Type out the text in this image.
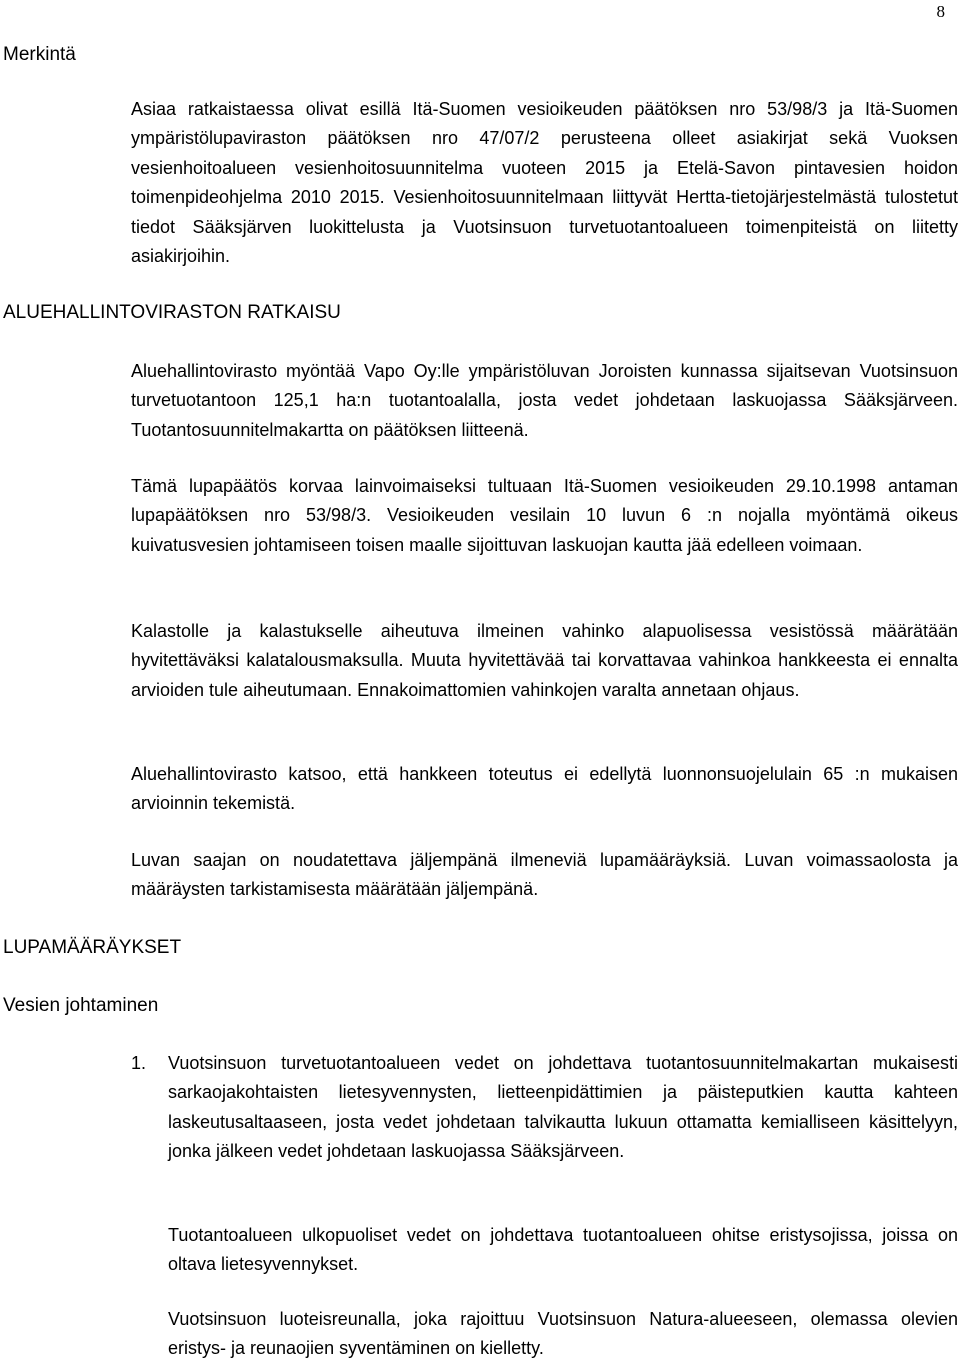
8
Merkintä

Asiaa ratkaistaessa olivat esillä Itä-Suomen vesioikeuden päätöksen nro 53/98/3 ja Itä-Suomen ympäristölupaviraston päätöksen nro 47/07/2 perusteena olleet asiakirjat sekä Vuoksen vesienhoitoalueen vesienhoitosuunnitelma vuoteen 2015 ja Etelä-Savon pintavesien hoidon toimenpideohjelma 2010 2015. Vesienhoitosuunnitelmaan liittyvät Hertta-tietojärjestelmästä tulostetut tiedot Sääksjärven luokittelusta ja Vuotsinsuon turvetuotantoalueen toimenpiteistä on liitetty asiakirjoihin.

ALUEHALLINTOVIRASTON RATKAISU

Aluehallintovirasto myöntää Vapo Oy:lle ympäristöluvan Joroisten kunnassa sijaitsevan Vuotsinsuon turvetuotantoon 125,1 ha:n tuotantoalalla, josta vedet johdetaan laskuojassa Sääksjärveen. Tuotantosuunnitelmakartta on päätöksen liitteenä.

Tämä lupapäätös korvaa lainvoimaiseksi tultuaan Itä-Suomen vesioikeuden 29.10.1998 antaman lupapäätöksen nro 53/98/3. Vesioikeuden vesilain 10 luvun 6 :n nojalla myöntämä oikeus kuivatusvesien johtamiseen toisen maalle sijoittuvan laskuojan kautta jää edelleen voimaan.

Kalastolle ja kalastukselle aiheutuva ilmeinen vahinko alapuolisessa vesistössä määrätään hyvitettäväksi kalatalousmaksulla. Muuta hyvitettävää tai korvattavaa vahinkoa hankkeesta ei ennalta arvioiden tule aiheutumaan. Ennakoimattomien vahinkojen varalta annetaan ohjaus.

Aluehallintovirasto katsoo, että hankkeen toteutus ei edellytä luonnonsuojelulain 65 :n mukaisen arvioinnin tekemistä.

Luvan saajan on noudatettava jäljempänä ilmeneviä lupamääräyksiä. Luvan voimassaolosta ja määräysten tarkistamisesta määrätään jäljempänä.

LUPAMÄÄRÄYKSET
Vesien johtaminen
1. Vuotsinsuon turvetuotantoalueen vedet on johdettava tuotantosuunnitelmakartan mukaisesti sarkaojakohtaisten lietesyvennysten, lietteenpidättimien ja päisteputkien kautta kahteen laskeutusaltaaseen, josta vedet johdetaan talvikautta lukuun ottamatta kemialliseen käsittelyyn, jonka jälkeen vedet johdetaan laskuojassa Sääksjärveen.

Tuotantoalueen ulkopuoliset vedet on johdettava tuotantoalueen ohitse eristysojissa, joissa on oltava lietesyvennykset.

Vuotsinsuon luoteisreunalla, joka rajoittuu Vuotsinsuon Natura-alueeseen, olemassa olevien eristys- ja reunaojien syventäminen on kielletty.
